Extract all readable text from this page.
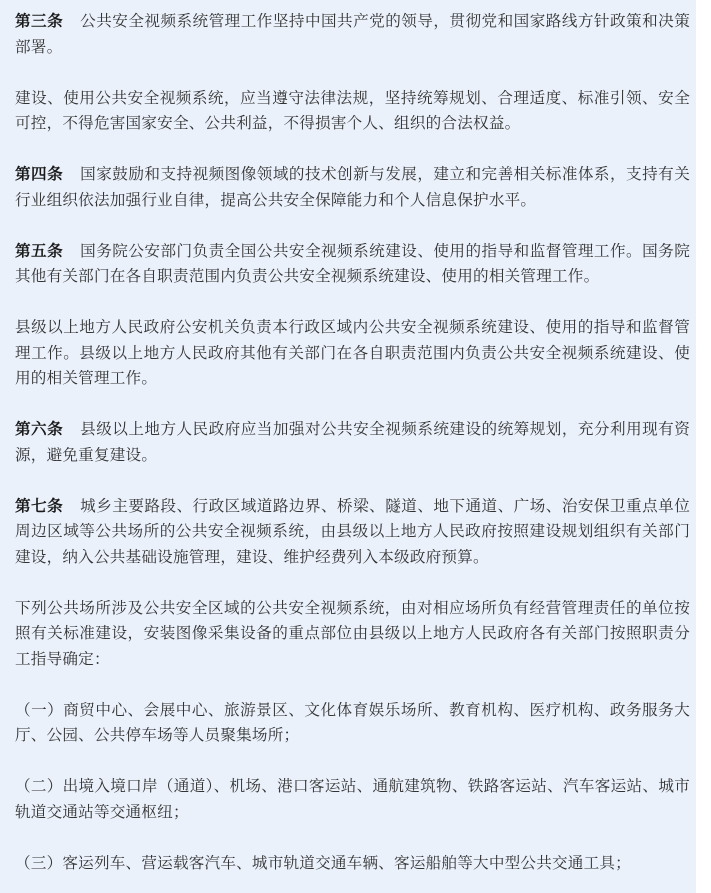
第三条 公共安全视频系统管理工作坚持中国共产党的领导，贯彻党和国家路线方针政策和决策部署。

建设、使用公共安全视频系统，应当遵守法律法规，坚持统筹规划、合理适度、标准引领、安全可控，不得危害国家安全、公共利益，不得损害个人、组织的合法权益。

第四条 国家鼓励和支持视频图像领域的技术创新与发展，建立和完善相关标准体系，支持有关行业组织依法加强行业自律，提高公共安全保障能力和个人信息保护水平。

第五条 国务院公安部门负责全国公共安全视频系统建设、使用的指导和监督管理工作。国务院其他有关部门在各自职责范围内负责公共安全视频系统建设、使用的相关管理工作。

县级以上地方人民政府公安机关负责本行政区域内公共安全视频系统建设、使用的指导和监督管理工作。县级以上地方人民政府其他有关部门在各自职责范围内负责公共安全视频系统建设、使用的相关管理工作。

第六条 县级以上地方人民政府应当加强对公共安全视频系统建设的统筹规划，充分利用现有资源，避免重复建设。

第七条 城乡主要路段、行政区域道路边界、桥梁、隧道、地下通道、广场、治安保卫重点单位周边区域等公共场所的公共安全视频系统，由县级以上地方人民政府按照建设规划组织有关部门建设，纳入公共基础设施管理，建设、维护经费列入本级政府预算。

下列公共场所涉及公共安全区域的公共安全视频系统，由对相应场所负有经营管理责任的单位按照有关标准建设，安装图像采集设备的重点部位由县级以上地方人民政府各有关部门按照职责分工指导确定：

（一）商贸中心、会展中心、旅游景区、文化体育娱乐场所、教育机构、医疗机构、政务服务大厅、公园、公共停车场等人员聚集场所；

（二）出境入境口岸（通道）、机场、港口客运站、通航建筑物、铁路客运站、汽车客运站、城市轨道交通站等交通枢纽；

（三）客运列车、营运载客汽车、城市轨道交通车辆、客运船舶等大中型公共交通工具；
